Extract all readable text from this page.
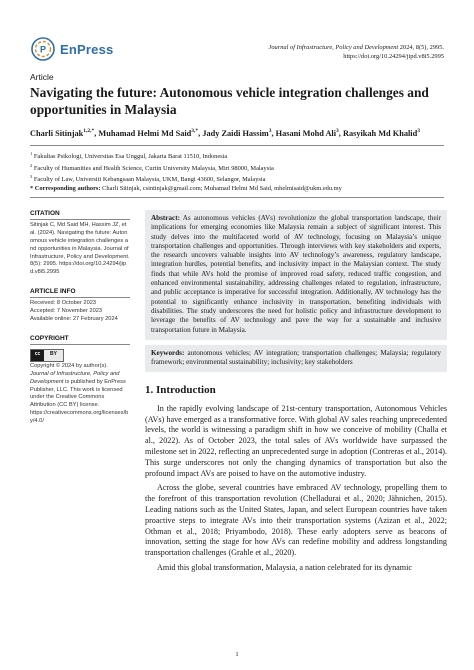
P EnPress	Journal of Infrastructure, Policy and Development 2024, 8(5), 2995.
https://doi.org/10.24294/jipd.v8i5.2995
Article
Navigating the future: Autonomous vehicle integration challenges and opportunities in Malaysia
Charli Sitinjak$^{1,2,*}$, Muhamad Helmi Md Said$^{3,*}$, Jady Zaidi Hassim$^3$, Hasani Mohd Ali$^3$, Rasyikah Md Khalid$^3$
$^1$ Fakultas Psikologi, Universitas Esa Unggul, Jakarta Barat 11510, Indonesia
$^2$ Faculty of Humanities and Health Science, Curtin University Malaysia, Miri 98000, Malaysia
$^3$ Faculty of Law, Universiti Kebangsaan Malaysia, UKM, Bangi 43600, Selangor, Malaysia
* Corresponding authors: Charli Sitinjak, csintinjak@gmail.com; Muhamad Helmi Md Said, mhelmisaid@ukm.edu.my
CITATION

Sitinjak C, Md Said MH, Hassim JZ, et al. (2024). Navigating the future: Autonomous vehicle integration challenges and opportunities in Malaysia. Journal of Infrastructure, Policy and Development. 8(5): 2995. https://doi.org/10.24294/jipd.v8i5.2995

ARTICLE INFO

Received: 8 October 2023

Accepted: 7 November 2023

Available online: 27 February 2024

COPYRIGHT
cc	BY

Copyright © 2024 by author(s).

Journal of Infrastructure, Policy and Development is published by EnPress Publisher, LLC. This work is licensed under the Creative Commons Attribution (CC BY) license.

https://creativecommons.org/licenses/by/4.0/

Abstract: As autonomous vehicles (AVs) revolutionize the global transportation landscape, their implications for emerging economies like Malaysia remain a subject of significant interest. This study delves into the multifaceted world of AV technology, focusing on Malaysia’s unique transportation challenges and opportunities. Through interviews with key stakeholders and experts, the research uncovers valuable insights into AV technology’s awareness, regulatory landscape, integration hurdles, potential benefits, and inclusivity impact in the Malaysian context. The study finds that while AVs hold the promise of improved road safety, reduced traffic congestion, and enhanced environmental sustainability, addressing challenges related to regulation, infrastructure, and public acceptance is imperative for successful integration. Additionally, AV technology has the potential to significantly enhance inclusivity in transportation, benefiting individuals with disabilities. The study underscores the need for holistic policy and infrastructure development to leverage the benefits of AV technology and pave the way for a sustainable and inclusive transportation future in Malaysia.

Keywords: autonomous vehicles; AV integration; transportation challenges; Malaysia; regulatory framework; environmental sustainability; inclusivity; key stakeholders

1. Introduction

In the rapidly evolving landscape of 21st-century transportation, Autonomous Vehicles (AVs) have emerged as a transformative force. With global AV sales reaching unprecedented levels, the world is witnessing a paradigm shift in how we conceive of mobility (Challa et al., 2022). As of October 2023, the total sales of AVs worldwide have surpassed the milestone set in 2022, reflecting an unprecedented surge in adoption (Contreras et al., 2014). This surge underscores not only the changing dynamics of transportation but also the profound impact AVs are poised to have on the automotive industry.

Across the globe, several countries have embraced AV technology, propelling them to the forefront of this transportation revolution (Chelladurai et al., 2020; Jähnichen, 2015). Leading nations such as the United States, Japan, and select European countries have taken proactive steps to integrate AVs into their transportation systems (Azizan et al., 2022; Othman et al., 2018; Priyambodo, 2018). These early adopters serve as beacons of innovation, setting the stage for how AVs can redefine mobility and address longstanding transportation challenges (Grahle et al., 2020).

Amid this global transformation, Malaysia, a nation celebrated for its dynamic

1
